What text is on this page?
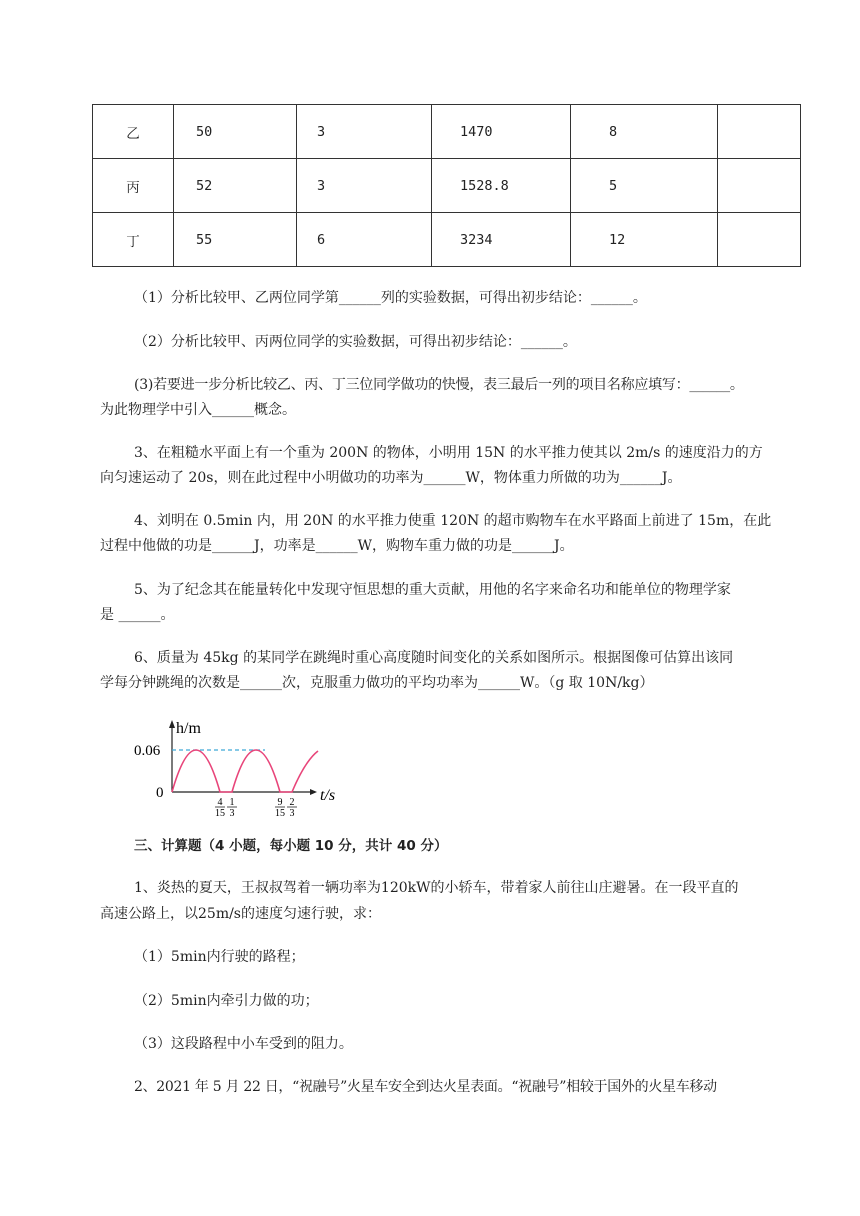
乙	50	3	1470	8	
丙	52	3	1528.8	5	
丁	55	6	3234	12	

（1）分析比较甲、乙两位同学第______列的实验数据，可得出初步结论：______。

（2）分析比较甲、丙两位同学的实验数据，可得出初步结论：______。

(3)若要进一步分析比较乙、丙、丁三位同学做功的快慢，表三最后一列的项目名称应填写：______。

为此物理学中引入______概念。

3、在粗糙水平面上有一个重为 200N 的物体，小明用 15N 的水平推力使其以 2m/s 的速度沿力的方

向匀速运动了 20s，则在此过程中小明做功的功率为______W，物体重力所做的功为______J。

4、刘明在 0.5min 内，用 20N 的水平推力使重 120N 的超市购物车在水平路面上前进了 15m，在此

过程中他做的功是______J，功率是______W，购物车重力做的功是______J。

5、为了纪念其在能量转化中发现守恒思想的重大贡献，用他的名字来命名功和能单位的物理学家

是 ______。

6、质量为 45kg 的某同学在跳绳时重心高度随时间变化的关系如图所示。根据图像可估算出该同

学每分钟跳绳的次数是______次，克服重力做功的平均功率为______W。（g 取 10N/kg）

h/m
t/s
0.06
0
4
15
1
3
9
15
2
3

三、计算题（4 小题，每小题 10 分，共计 40 分）

1、炎热的夏天，王叔叔驾着一辆功率为120kW的小轿车，带着家人前往山庄避暑。在一段平直的

高速公路上，以25m/s的速度匀速行驶，求：

（1）5min内行驶的路程；

（2）5min内牵引力做的功；

（3）这段路程中小车受到的阻力。

2、2021 年 5 月 22 日，“祝融号”火星车安全到达火星表面。“祝融号”相较于国外的火星车移动
